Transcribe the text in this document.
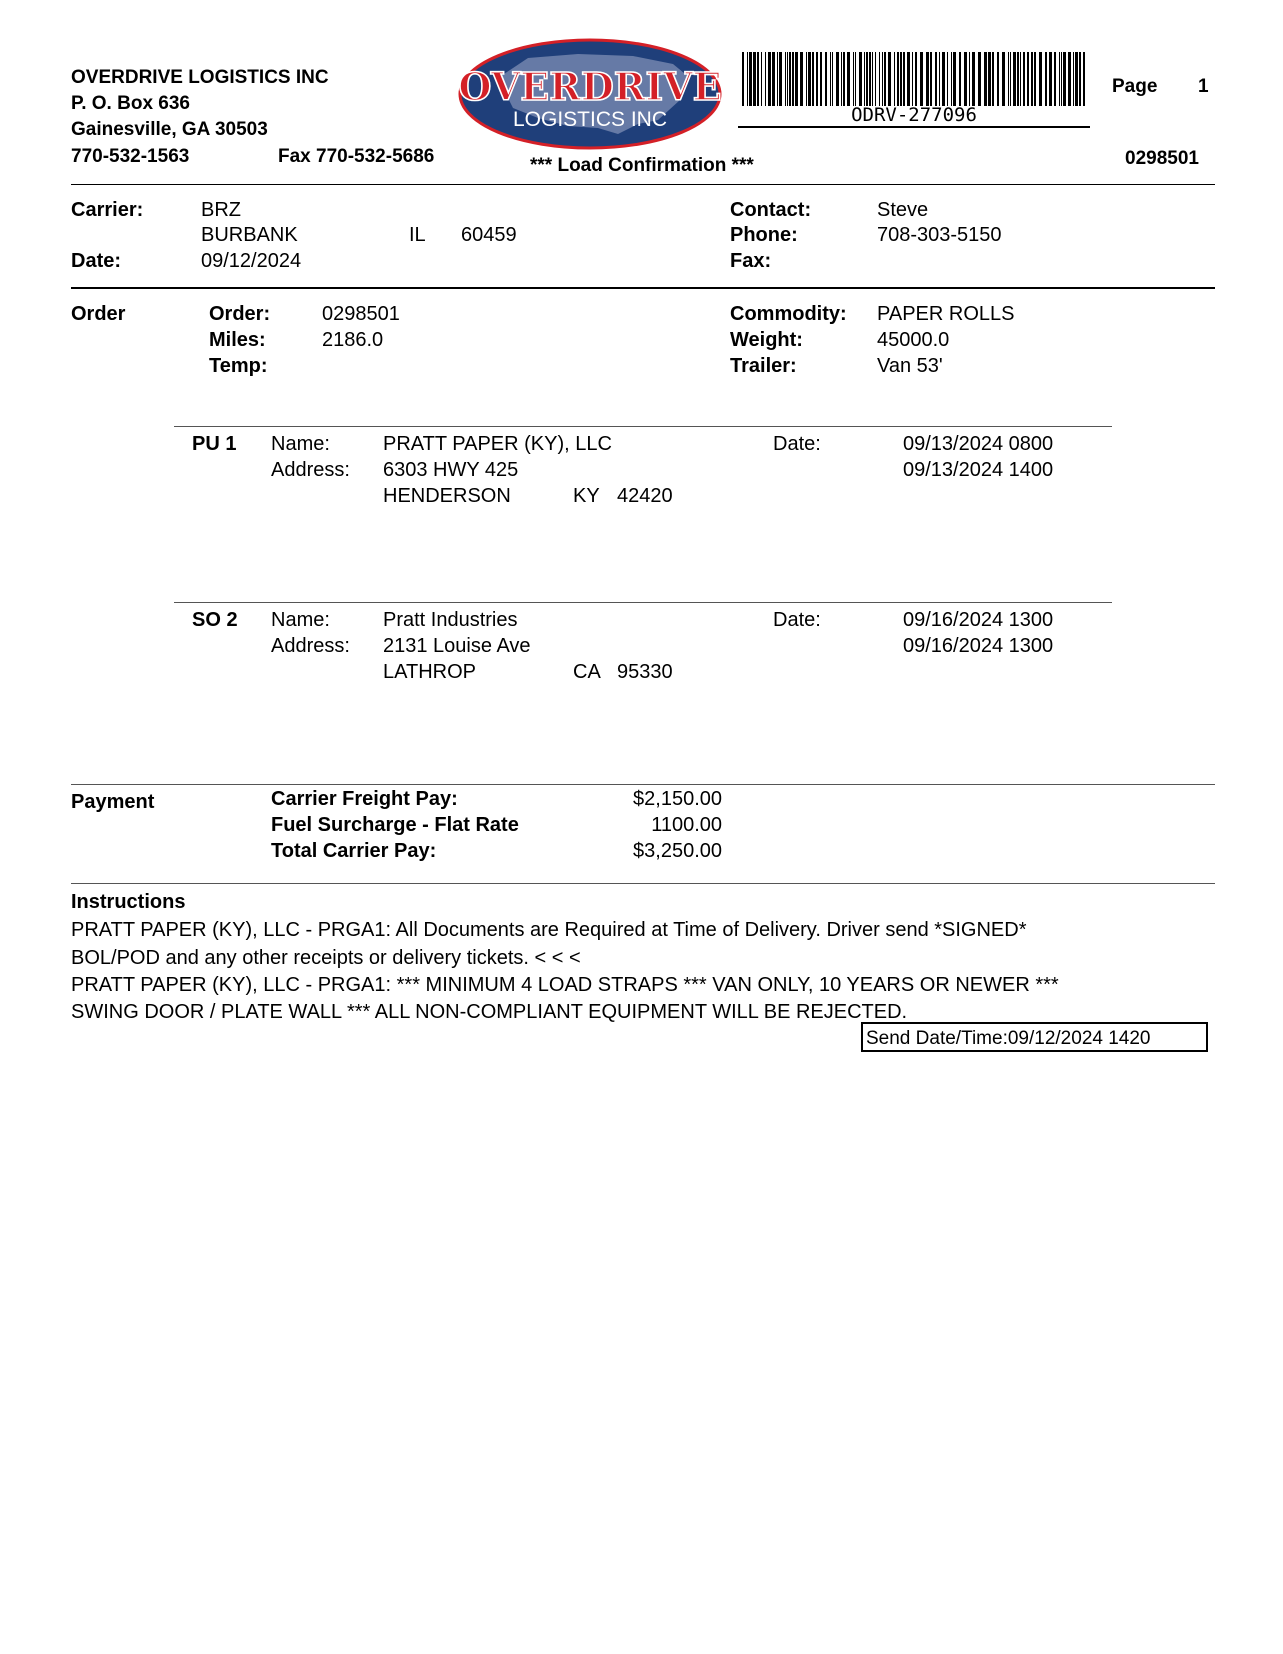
OVERDRIVE LOGISTICS INC
P. O. Box 636
Gainesville, GA 30503
770-532-1563	Fax 770-532-5686
OVERDRIVE
LOGISTICS INC	ODRV-277096
Page 1
0298501
*** Load Confirmation ***
Carrier:	BRZ
BURBANK	IL 60459
Date:	09/12/2024
Contact:	Steve
Phone:	708-303-5150
Fax:
Order	Order:	0298501
Miles:	2186.0
Temp:
Commodity: PAPER ROLLS
Weight:	45000.0
Trailer:	Van 53'
PU 1 Name:	PRATT PAPER (KY), LLC
Address: 6303 HWY 425
HENDERSON	KY 42420
Date:	09/13/2024 0800
09/13/2024 1400
SO 2 Name:	Pratt Industries
Address: 2131 Louise Ave
LATHROP	CA 95330
Date:	09/16/2024 1300
09/16/2024 1300
Payment	Carrier Freight Pay:	$2,150.00
Fuel Surcharge - Flat Rate	1100.00
Total Carrier Pay:	$3,250.00
Instructions
PRATT PAPER (KY), LLC - PRGA1: All Documents are Required at Time of Delivery. Driver send *SIGNED*
BOL/POD and any other receipts or delivery tickets. < < <
PRATT PAPER (KY), LLC - PRGA1: *** MINIMUM 4 LOAD STRAPS *** VAN ONLY, 10 YEARS OR NEWER ***
SWING DOOR / PLATE WALL *** ALL NON-COMPLIANT EQUIPMENT WILL BE REJECTED.
Send Date/Time:09/12/2024 1420
